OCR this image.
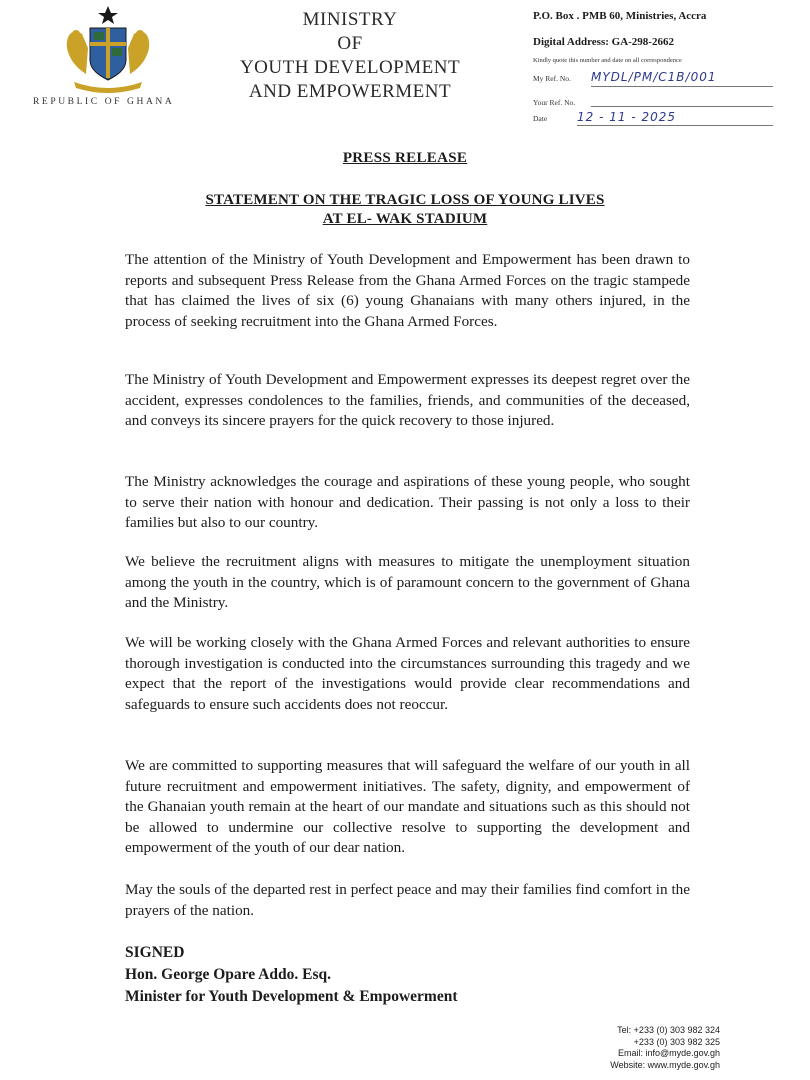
REPUBLIC OF GHANA
MINISTRY
OF
YOUTH DEVELOPMENT
AND EMPOWERMENT
P.O. Box . PMB 60, Ministries, Accra
Digital Address: GA-298-2662
Kindly quote this number and date on all correspondence
My Ref. No. MYDL/PM/C1B/001
Your Ref. No.
Date 12 - 11 - 2025
PRESS RELEASE
STATEMENT ON THE TRAGIC LOSS OF YOUNG LIVES
AT EL- WAK STADIUM

The attention of the Ministry of Youth Development and Empowerment has been drawn to reports and subsequent Press Release from the Ghana Armed Forces on the tragic stampede that has claimed the lives of six (6) young Ghanaians with many others injured, in the process of seeking recruitment into the Ghana Armed Forces.

The Ministry of Youth Development and Empowerment expresses its deepest regret over the accident, expresses condolences to the families, friends, and communities of the deceased, and conveys its sincere prayers for the quick recovery to those injured.

The Ministry acknowledges the courage and aspirations of these young people, who sought to serve their nation with honour and dedication. Their passing is not only a loss to their families but also to our country.

We believe the recruitment aligns with measures to mitigate the unemployment situation among the youth in the country, which is of paramount concern to the government of Ghana and the Ministry.

We will be working closely with the Ghana Armed Forces and relevant authorities to ensure thorough investigation is conducted into the circumstances surrounding this tragedy and we expect that the report of the investigations would provide clear recommendations and safeguards to ensure such accidents does not reoccur.

We are committed to supporting measures that will safeguard the welfare of our youth in all future recruitment and empowerment initiatives. The safety, dignity, and empowerment of the Ghanaian youth remain at the heart of our mandate and situations such as this should not be allowed to undermine our collective resolve to supporting the development and empowerment of the youth of our dear nation.

May the souls of the departed rest in perfect peace and may their families find comfort in the prayers of the nation.

SIGNED
Hon. George Opare Addo. Esq.
Minister for Youth Development & Empowerment
Tel: +233 (0) 303 982 324
+233 (0) 303 982 325
Email: info@myde.gov.gh
Website: www.myde.gov.gh
